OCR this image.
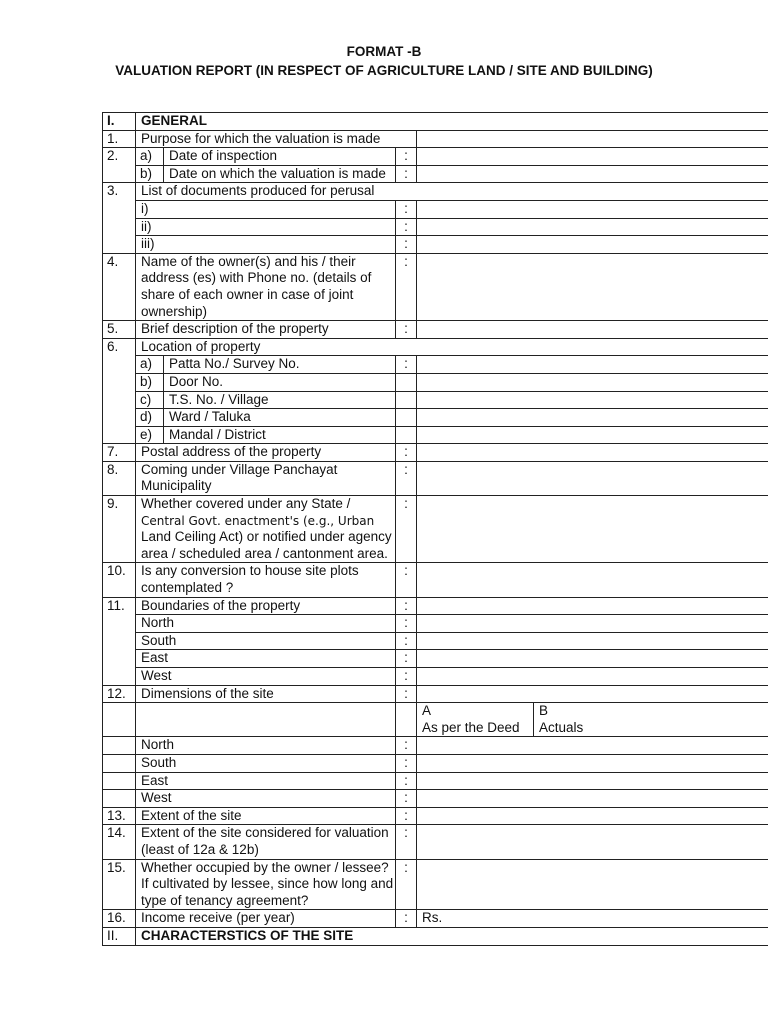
FORMAT -B
VALUATION REPORT (IN RESPECT OF AGRICULTURE LAND / SITE AND BUILDING)
I.	GENERAL				
1.	Purpose for which the valuation is made				
2.	a)	Date of inspection	:		
	b)	Date on which the valuation is made	:		
3.	List of documents produced for perusal				
	i)		:		
	ii)		:		
	iii)		:		
4.	Name of the owner(s) and his / their address (es) with Phone no. (details of share of each owner in case of joint ownership)		:		
5.	Brief description of the property		:		
6.	Location of property				
	a)	Patta No./ Survey No.	:		
	b)	Door No.			
	c)	T.S. No. / Village			
	d)	Ward / Taluka			
	e)	Mandal / District			
7.	Postal address of the property		:		
8.	Coming under Village Panchayat Municipality		:		
9.	Whether covered under any State /
Central Govt. enactment's (e.g., Urban
Land Ceiling Act) or notified under agency area / scheduled area / cantonment area.		:		
10.	Is any conversion to house site plots contemplated ?		:		
11.	Boundaries of the property		:		
	North		:		
	South		:		
	East		:		
	West		:		
12.	Dimensions of the site		:		
				A	B
				As per the Deed	Actuals
	North		:		
	South		:		
	East		:		
	West		:		
13.	Extent of the site		:		
14.	Extent of the site considered for valuation (least of 12a & 12b)		:		
15.	Whether occupied by the owner / lessee? If cultivated by lessee, since how long and type of tenancy agreement?		:		
16.	Income receive (per year)		:	Rs.	
II.	CHARACTERSTICS OF THE SITE				
